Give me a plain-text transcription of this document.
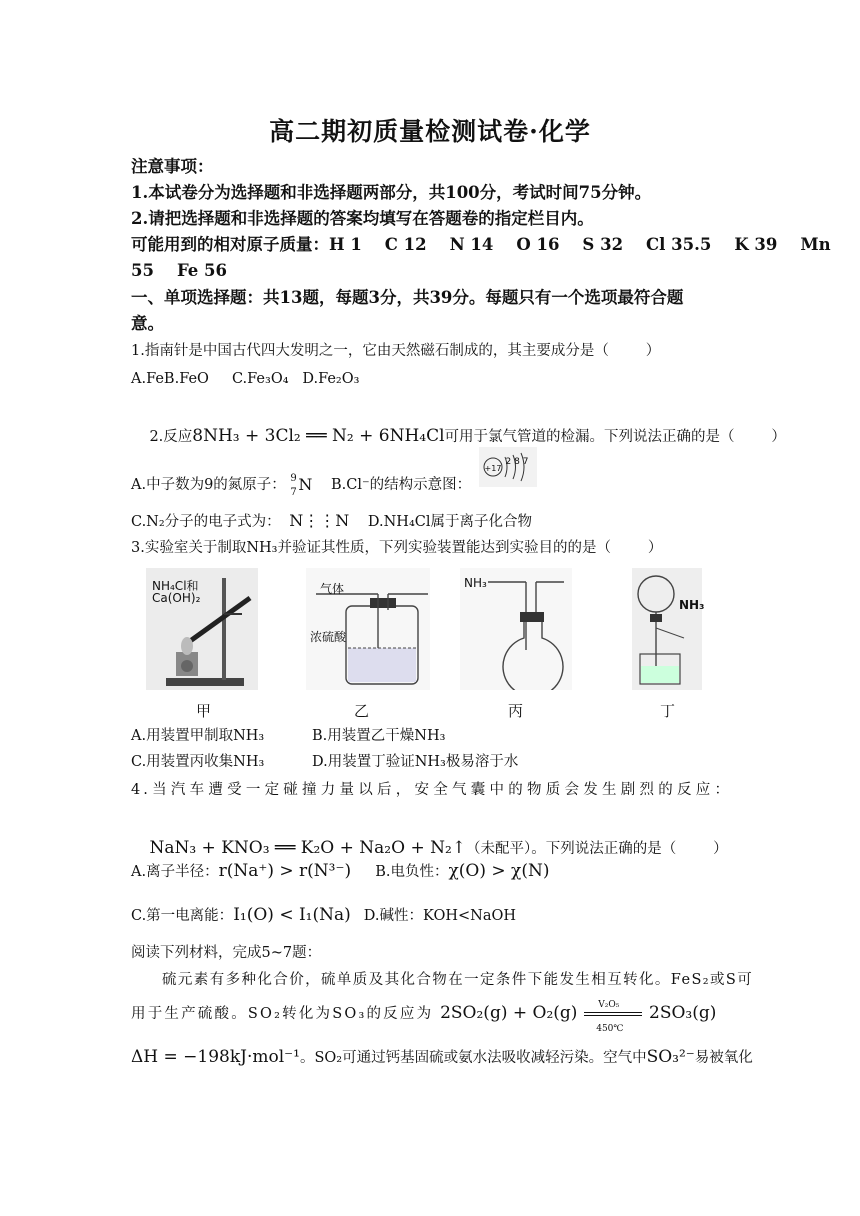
高二期初质量检测试卷·化学
注意事项：
1.本试卷分为选择题和非选择题两部分，共100分，考试时间75分钟。
2.请把选择题和非选择题的答案均填写在答题卷的指定栏目内。
可能用到的相对原子质量：H 1    C 12    N 14    O 16    S 32    Cl 35.5    K 39    Mn
55    Fe 56
一、单项选择题：共13题，每题3分，共39分。每题只有一个选项最符合题
意。
1.指南针是中国古代四大发明之一，它由天然磁石制成的，其主要成分是（        ）
A.FeB.FeO     C.Fe₃O₄   D.Fe₂O₃

2.反应8NH₃ + 3Cl₂ ══ N₂ + 6NH₄Cl可用于氯气管道的检漏。下列说法正确的是（        ）

A.中子数为9的氮原子： 9
7 N B.Cl⁻的结构示意图：
+17
2 8 7
C.N₂分子的电子式为： N⋮⋮N D.NH₄Cl属于离子化合物
3.实验室关于制取NH₃并验证其性质，下列实验装置能达到实验目的的是（        ）
NH₄Cl和
Ca(OH)₂
气体
浓硫酸
NH₃
NH₃
甲	乙	丙	丁
A.用装置甲制取NH₃	B.用装置乙干燥NH₃
C.用装置丙收集NH₃	D.用装置丁验证NH₃极易溶于水
4.当汽车遭受一定碰撞力量以后，安全气囊中的物质会发生剧烈的反应：

NaN₃ + KNO₃ ══ K₂O + Na₂O + N₂↑（未配平）。下列说法正确的是（        ）

A.离子半径：r(Na⁺) > r(N³⁻) B.电负性：χ(O) > χ(N)
C.第一电离能：I₁(O) < I₁(Na) D.碱性：KOH<NaOH
阅读下列材料，完成5~7题：
硫元素有多种化合价，硫单质及其化合物在一定条件下能发生相互转化。FeS₂或S可
用于生产硫酸。SO₂转化为SO₃的反应为 $2SO_2(g) + O_2(g) \frac{\text{V₂O₅}}{450℃} 2SO_3(g)$
ΔH = −198kJ·mol⁻¹。SO₂可通过钙基固硫或氨水法吸收减轻污染。空气中SO₃²⁻易被氧化
